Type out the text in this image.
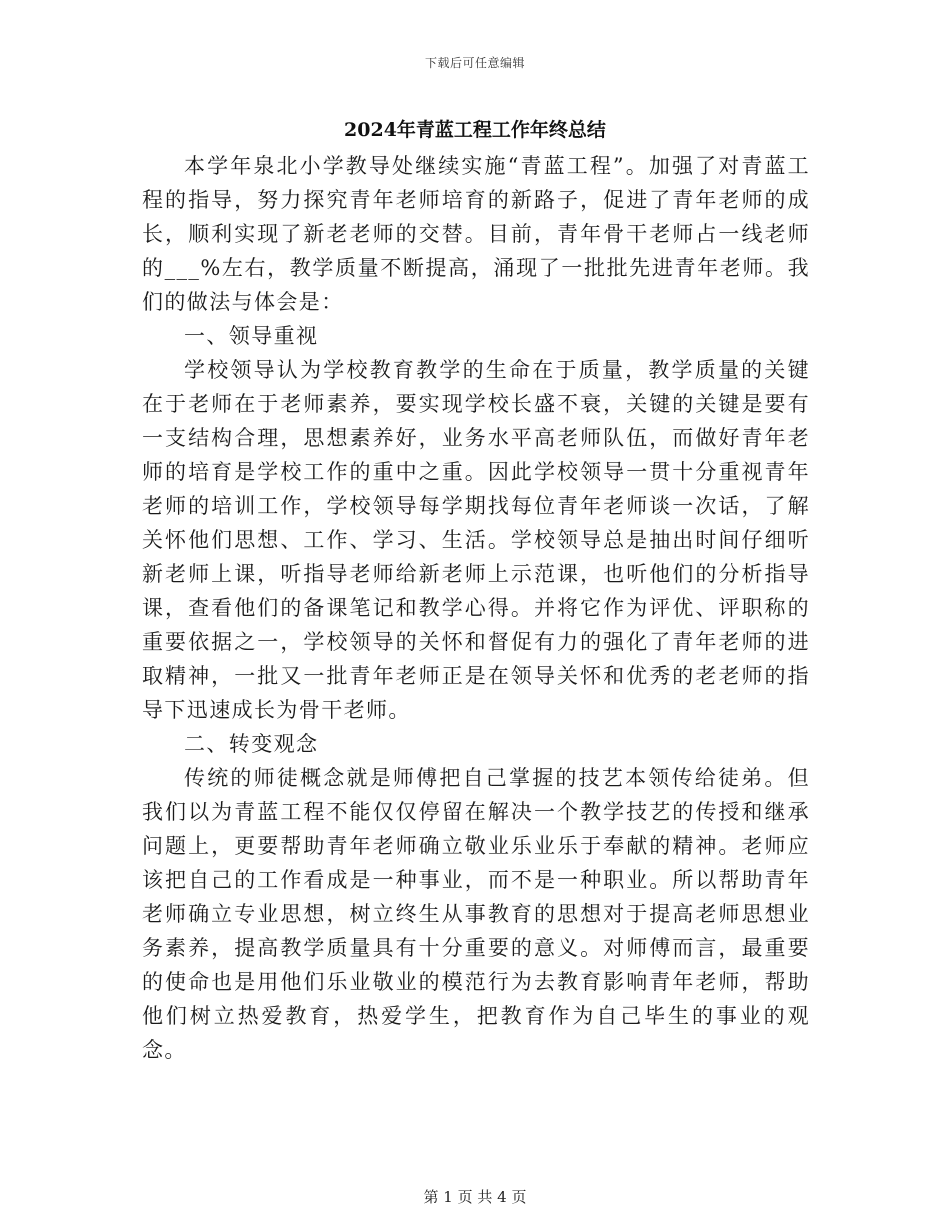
下载后可任意编辑
2024年青蓝工程工作年终总结

本学年泉北小学教导处继续实施“青蓝工程”。加强了对青蓝工程的指导，努力探究青年老师培育的新路子，促进了青年老师的成长，顺利实现了新老老师的交替。目前，青年骨干老师占一线老师的___%左右，教学质量不断提高，涌现了一批批先进青年老师。我们的做法与体会是：

一、领导重视

学校领导认为学校教育教学的生命在于质量，教学质量的关键在于老师在于老师素养，要实现学校长盛不衰，关键的关键是要有一支结构合理，思想素养好，业务水平高老师队伍，而做好青年老师的培育是学校工作的重中之重。因此学校领导一贯十分重视青年老师的培训工作，学校领导每学期找每位青年老师谈一次话，了解关怀他们思想、工作、学习、生活。学校领导总是抽出时间仔细听新老师上课，听指导老师给新老师上示范课，也听他们的分析指导课，查看他们的备课笔记和教学心得。并将它作为评优、评职称的重要依据之一，学校领导的关怀和督促有力的强化了青年老师的进取精神，一批又一批青年老师正是在领导关怀和优秀的老老师的指导下迅速成长为骨干老师。

二、转变观念

传统的师徒概念就是师傅把自己掌握的技艺本领传给徒弟。但我们以为青蓝工程不能仅仅停留在解决一个教学技艺的传授和继承问题上，更要帮助青年老师确立敬业乐业乐于奉献的精神。老师应该把自己的工作看成是一种事业，而不是一种职业。所以帮助青年老师确立专业思想，树立终生从事教育的思想对于提高老师思想业务素养，提高教学质量具有十分重要的意义。对师傅而言，最重要的使命也是用他们乐业敬业的模范行为去教育影响青年老师，帮助他们树立热爱教育，热爱学生，把教育作为自己毕生的事业的观念。

第 1 页 共 4 页
